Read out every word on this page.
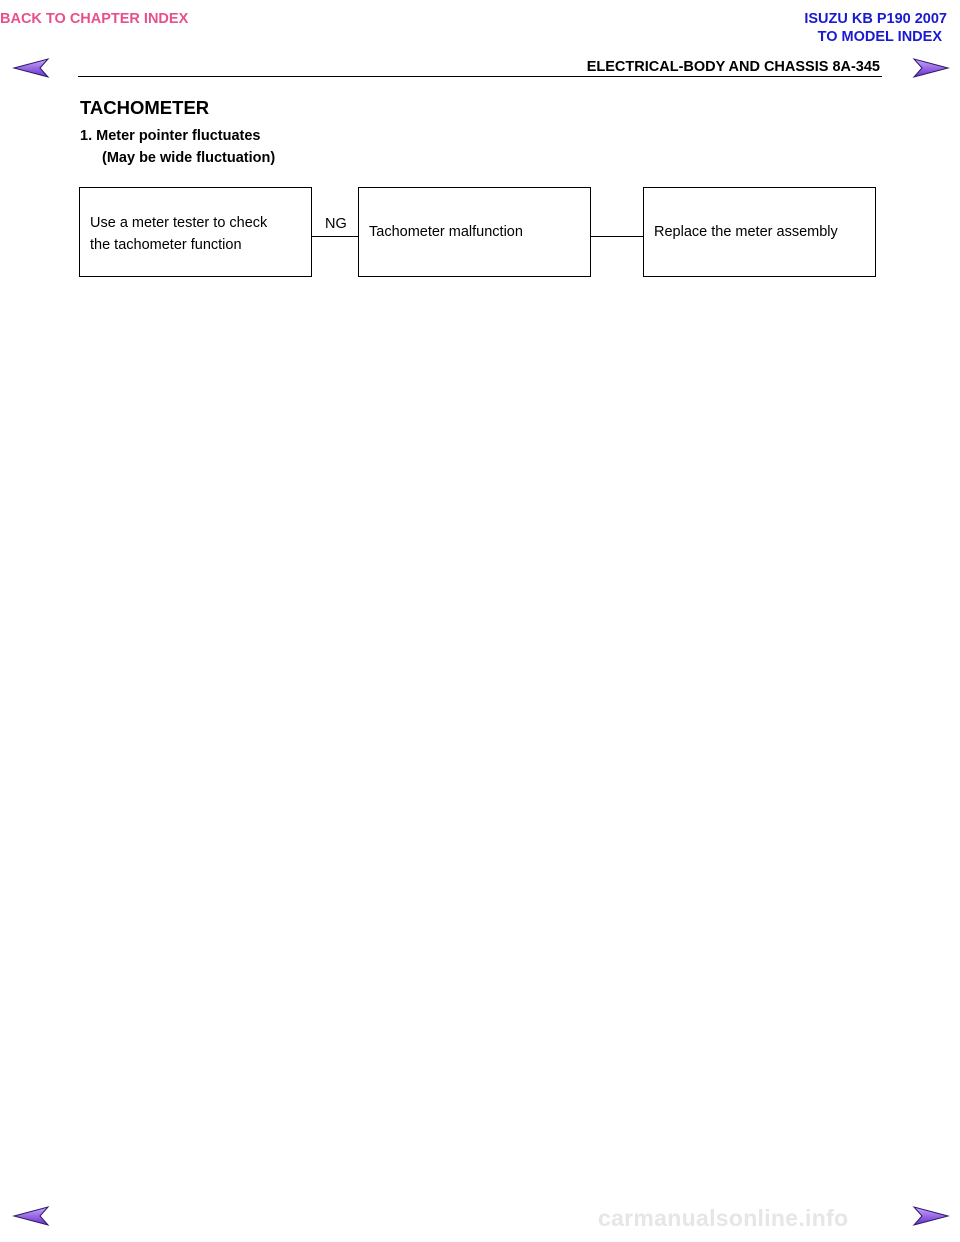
BACK TO CHAPTER INDEX	ISUZU KB P190 2007
TO MODEL INDEX
ELECTRICAL-BODY AND CHASSIS 8A-345
TACHOMETER
1. Meter pointer fluctuates
(May be wide fluctuation)
Use a meter tester to check
the tachometer function
NG Tachometer malfunction	Replace the meter assembly
carmanualsonline.info
